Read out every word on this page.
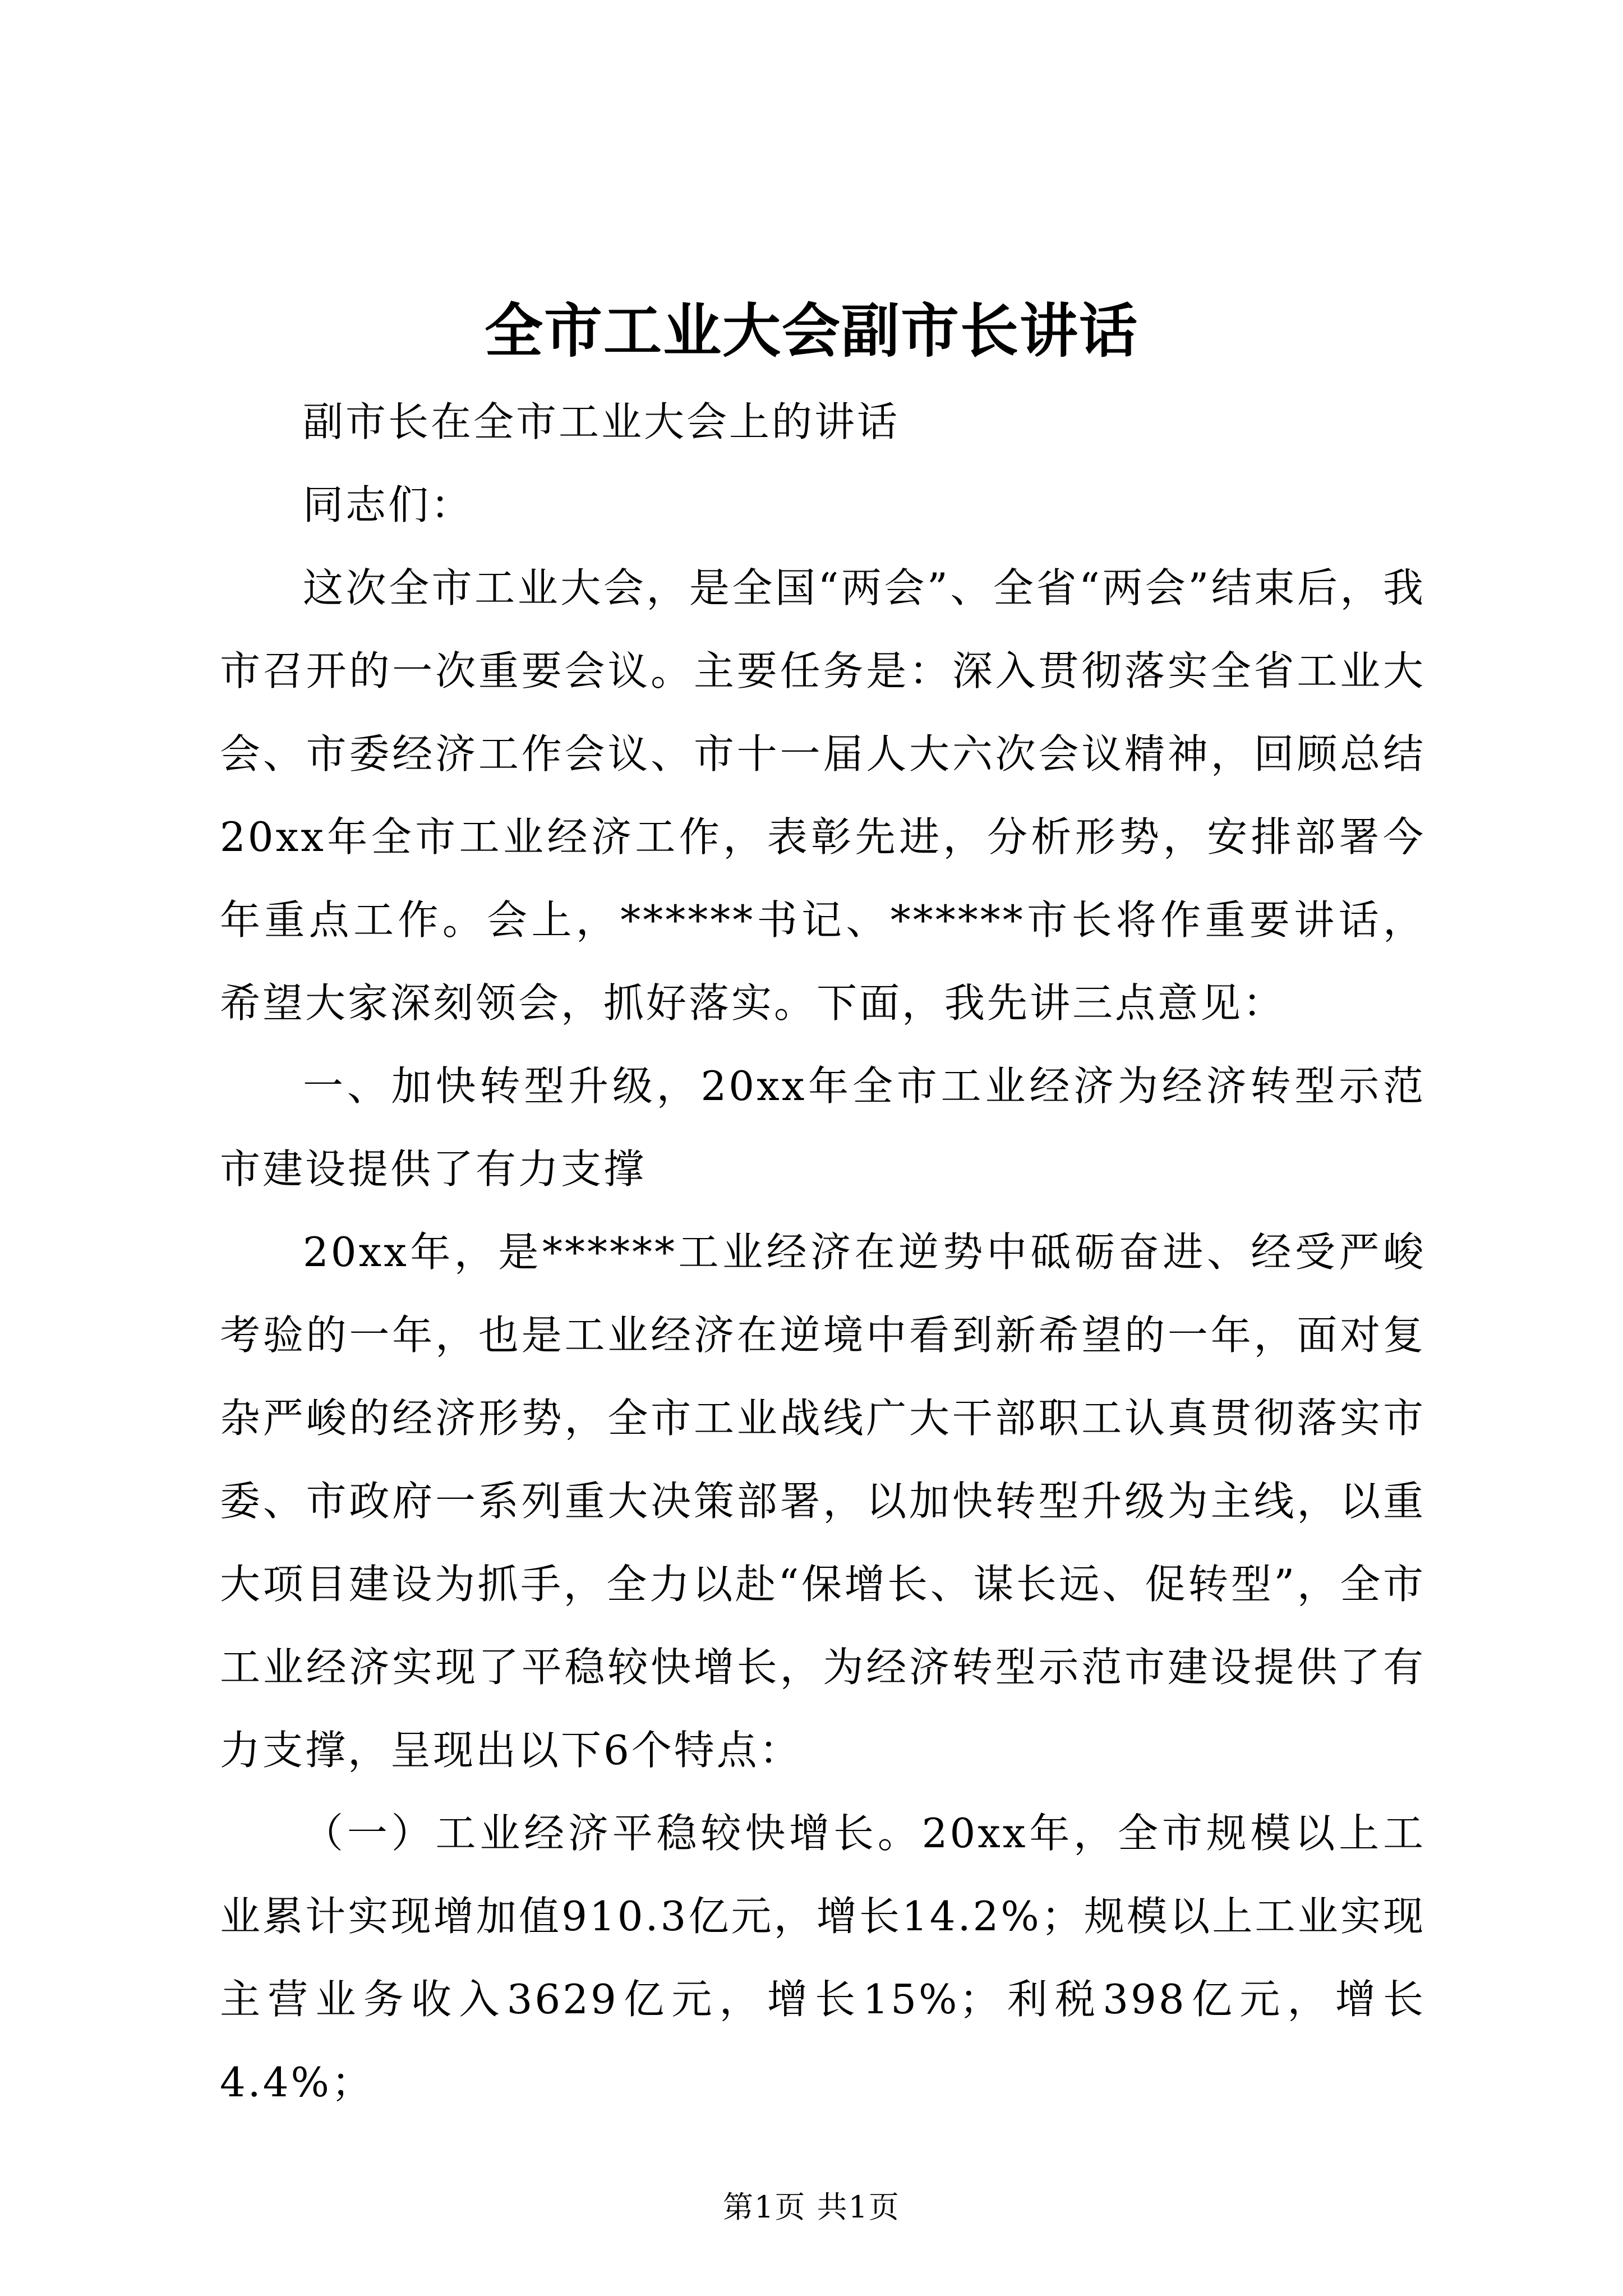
全市工业大会副市长讲话

副市长在全市工业大会上的讲话

同志们：

这次全市工业大会，是全国“两会”、全省“两会”结束后，我市召开的一次重要会议。主要任务是：深入贯彻落实全省工业大会、市委经济工作会议、市十一届人大六次会议精神，回顾总结20xx年全市工业经济工作，表彰先进，分析形势，安排部署今年重点工作。会上，******书记、******市长将作重要讲话，希望大家深刻领会，抓好落实。下面，我先讲三点意见：

一、加快转型升级，20xx年全市工业经济为经济转型示范市建设提供了有力支撑

20xx年，是******工业经济在逆势中砥砺奋进、经受严峻考验的一年，也是工业经济在逆境中看到新希望的一年，面对复杂严峻的经济形势，全市工业战线广大干部职工认真贯彻落实市委、市政府一系列重大决策部署，以加快转型升级为主线，以重大项目建设为抓手，全力以赴“保增长、谋长远、促转型”，全市工业经济实现了平稳较快增长，为经济转型示范市建设提供了有力支撑，呈现出以下6个特点：

（一）工业经济平稳较快增长。20xx年，全市规模以上工业累计实现增加值910.3亿元，增长14.2%；规模以上工业实现主营业务收入3629亿元，增长15%；利税398亿元，增长4.4%；

第1页 共1页
